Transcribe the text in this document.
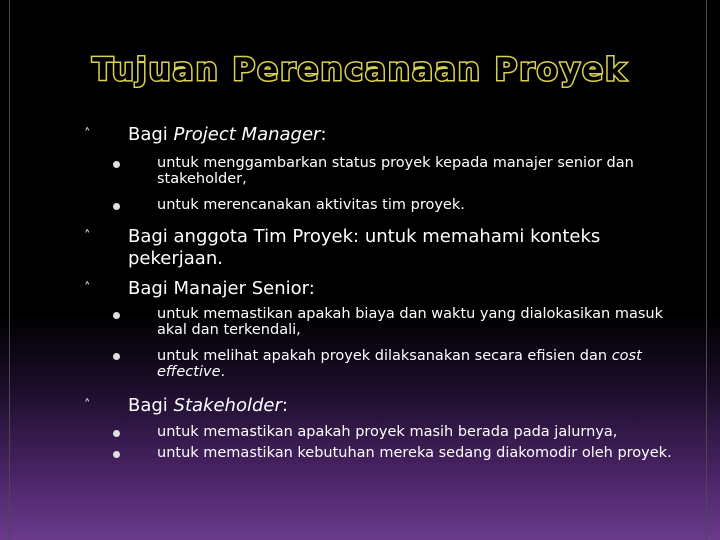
Tujuan Perencanaan Proyek
˄ Bagi Project Manager:
untuk menggambarkan status proyek kepada manajer senior dan stakeholder,
untuk merencanakan aktivitas tim proyek.
˄ Bagi anggota Tim Proyek: untuk memahami konteks pekerjaan.
˄ Bagi Manajer Senior:
untuk memastikan apakah biaya dan waktu yang dialokasikan masuk akal dan terkendali,
untuk melihat apakah proyek dilaksanakan secara efisien dan cost effective.
˄ Bagi Stakeholder:
untuk memastikan apakah proyek masih berada pada jalurnya,
untuk memastikan kebutuhan mereka sedang diakomodir oleh proyek.
